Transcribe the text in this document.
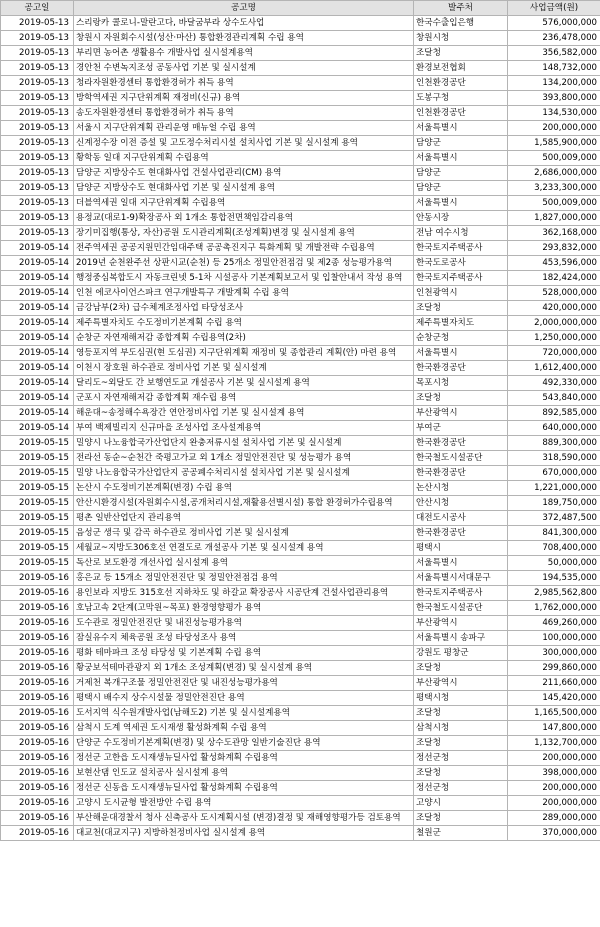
공고일	공고명	발주처	사업금액(원)
2019-05-13	스리랑카 콜로니-말란고다, 바달굼부라 상수도사업	한국수출입은행	576,000,000
2019-05-13	창원시 자원회수시설(성산·마산) 통합환경관리계획 수립 용역	창원시청	236,478,000
2019-05-13	부리면 농어촌 생활용수 개발사업 실시설계용역	조달청	356,582,000
2019-05-13	경안천 수변녹지조성 공동사업 기본 및 실시설계	환경보전협회	148,732,000
2019-05-13	청라자원환경센터 통합환경허가 취득 용역	인천환경공단	134,200,000
2019-05-13	방학역세권 지구단위계획 재정비(신규) 용역	도봉구청	393,800,000
2019-05-13	송도자원환경센터 통합환경허가 취득 용역	인천환경공단	134,530,000
2019-05-13	서울시 지구단위계획 관리운영 매뉴얼 수립 용역	서울특별시	200,000,000
2019-05-13	신계정수장 이전 증설 및 고도정수처리시설 설치사업 기본 및 실시설계 용역	담양군	1,585,900,000
2019-05-13	황학동 일대 지구단위계획 수립용역	서울특별시	500,009,000
2019-05-13	담양군 지방상수도 현대화사업 건설사업관리(CM) 용역	담양군	2,686,000,000
2019-05-13	담양군 지방상수도 현대화사업 기본 및 실시설계 용역	담양군	3,233,300,000
2019-05-13	더블역세권 일대 지구단위계획 수립용역	서울특별시	500,009,000
2019-05-13	용정교(대로1-9)확장공사 외 1개소 통합전면책임감리용역	안동시장	1,827,000,000
2019-05-13	장기미집행(통상, 자산)공원 도시관리계획(조성계획)변경 및 실시설계 용역	전남 여수시청	362,168,000
2019-05-14	전주역세권 공공지원민간임대주택 공공촉진지구 특화계획 및 개발전략 수립용역	한국토지주택공사	293,832,000
2019-05-14	2019년 순천완주선 상판시교(순천) 등 25개소 정밀안전점검 및 제2종 성능평가용역	한국도로공사	453,596,000
2019-05-14	행정중심복합도시 자동크린넷 5-1차 시설공사 기본계획보고서 및 입찰안내서 작성 용역	한국토지주택공사	182,424,000
2019-05-14	인천 에코사이언스파크 연구개발특구 개발계획 수립 용역	인천광역시	528,000,000
2019-05-14	금강남부(2차) 급수체계조정사업 타당성조사	조달청	420,000,000
2019-05-14	제주특별자치도 수도정비기본계획 수립 용역	제주특별자치도	2,000,000,000
2019-05-14	순창군 자연재해저감 종합계획 수립용역(2차)	순창군청	1,250,000,000
2019-05-14	영등포지역 부도심권(현 도심권) 지구단위계획 재정비 및 종합관리 계획(안) 마련 용역	서울특별시	720,000,000
2019-05-14	이천시 장호원 하수관로 정비사업 기본 및 실시설계	한국환경공단	1,612,400,000
2019-05-14	달리도~외달도 간 보행연도교 개설공사 기본 및 실시설계 용역	목포시청	492,330,000
2019-05-14	군포시 자연재해저감 종합계획 재수립 용역	조달청	543,840,000
2019-05-14	해운대~송정해수욕장간 연안정비사업 기본 및 실시설계 용역	부산광역시	892,585,000
2019-05-14	부여 백제빌리지 신규마을 조성사업 조사설계용역	부여군	640,000,000
2019-05-15	밀양시 나노융합국가산업단지 완충저류시설 설치사업 기본 및 실시설계	한국환경공단	889,300,000
2019-05-15	전라선 동순~순천간 죽평고가교 외 1개소 정밀안전진단 및 성능평가 용역	한국철도시설공단	318,590,000
2019-05-15	밀양 나노융합국가산업단지 공공폐수처리시설 설치사업 기본 및 실시설계	한국환경공단	670,000,000
2019-05-15	논산시 수도정비기본계획(변경) 수립 용역	논산시청	1,221,000,000
2019-05-15	안산시환경시설(자원회수시설,공개처리시설,재활용선별시설) 통합 환경허가수립용역	안산시청	189,750,000
2019-05-15	평촌 일반산업단지 관리용역	대전도시공사	372,487,500
2019-05-15	음성군 생극 및 감곡 하수관로 정비사업 기본 및 실시설계	한국환경공단	841,300,000
2019-05-15	세월교~지방도306호선 연결도로 개설공사 기본 및 실시설계 용역	평택시	708,400,000
2019-05-15	독산로 보도환경 개선사업 실시설계 용역	서울특별시	50,000,000
2019-05-16	홍은교 등 15개소 정밀안전진단 및 정밀안전점검 용역	서울특별시서대문구	194,535,000
2019-05-16	용인보라 지방도 315호선 지하차도 및 하갈교 확장공사 시공단계 건설사업관리용역	한국토지주택공사	2,985,562,800
2019-05-16	호남고속 2단계(고막원~목포) 환경영향평가 용역	한국철도시설공단	1,762,000,000
2019-05-16	도수관로 정밀안전진단 및 내진성능평가용역	부산광역시	469,260,000
2019-05-16	잠실유수지 체육공원 조성 타당성조사 용역	서울특별시 송파구	100,000,000
2019-05-16	평화 테마파크 조성 타당성 및 기본계획 수립 용역	강원도 평창군	300,000,000
2019-05-16	황궁보석테마관광지 외 1개소 조성계획(변경) 및 실시설계 용역	조달청	299,860,000
2019-05-16	거제천 복개구조물 정밀안전진단 및 내진성능평가용역	부산광역시	211,660,000
2019-05-16	평택시 배수지 상수시설물 정밀안전진단 용역	평택시청	145,420,000
2019-05-16	도서지역 식수원개발사업(남해도2) 기본 및 실시설계용역	조달청	1,165,500,000
2019-05-16	삼척시 도계 역세권 도시재생 활성화계획 수립 용역	삼척시청	147,800,000
2019-05-16	단양군 수도정비기본계획(변경) 및 상수도관망 일반기술진단 용역	조달청	1,132,700,000
2019-05-16	정선군 고한읍 도시재생뉴딜사업 활성화계획 수립용역	정선군청	200,000,000
2019-05-16	보현산댐 인도교 설치공사 실시설계 용역	조달청	398,000,000
2019-05-16	정선군 신동읍 도시재생뉴딜사업 활성화계획 수립용역	정선군청	200,000,000
2019-05-16	고양시 도시균형 발전방안 수립 용역	고양시	200,000,000
2019-05-16	부산해운대경찰서 청사 신축공사 도시계획시설 (변경)결정 및 재해영향평가등 검토용역	조달청	289,000,000
2019-05-16	대교천(대교지구) 지방하천정비사업 실시설계 용역	철원군	370,000,000
